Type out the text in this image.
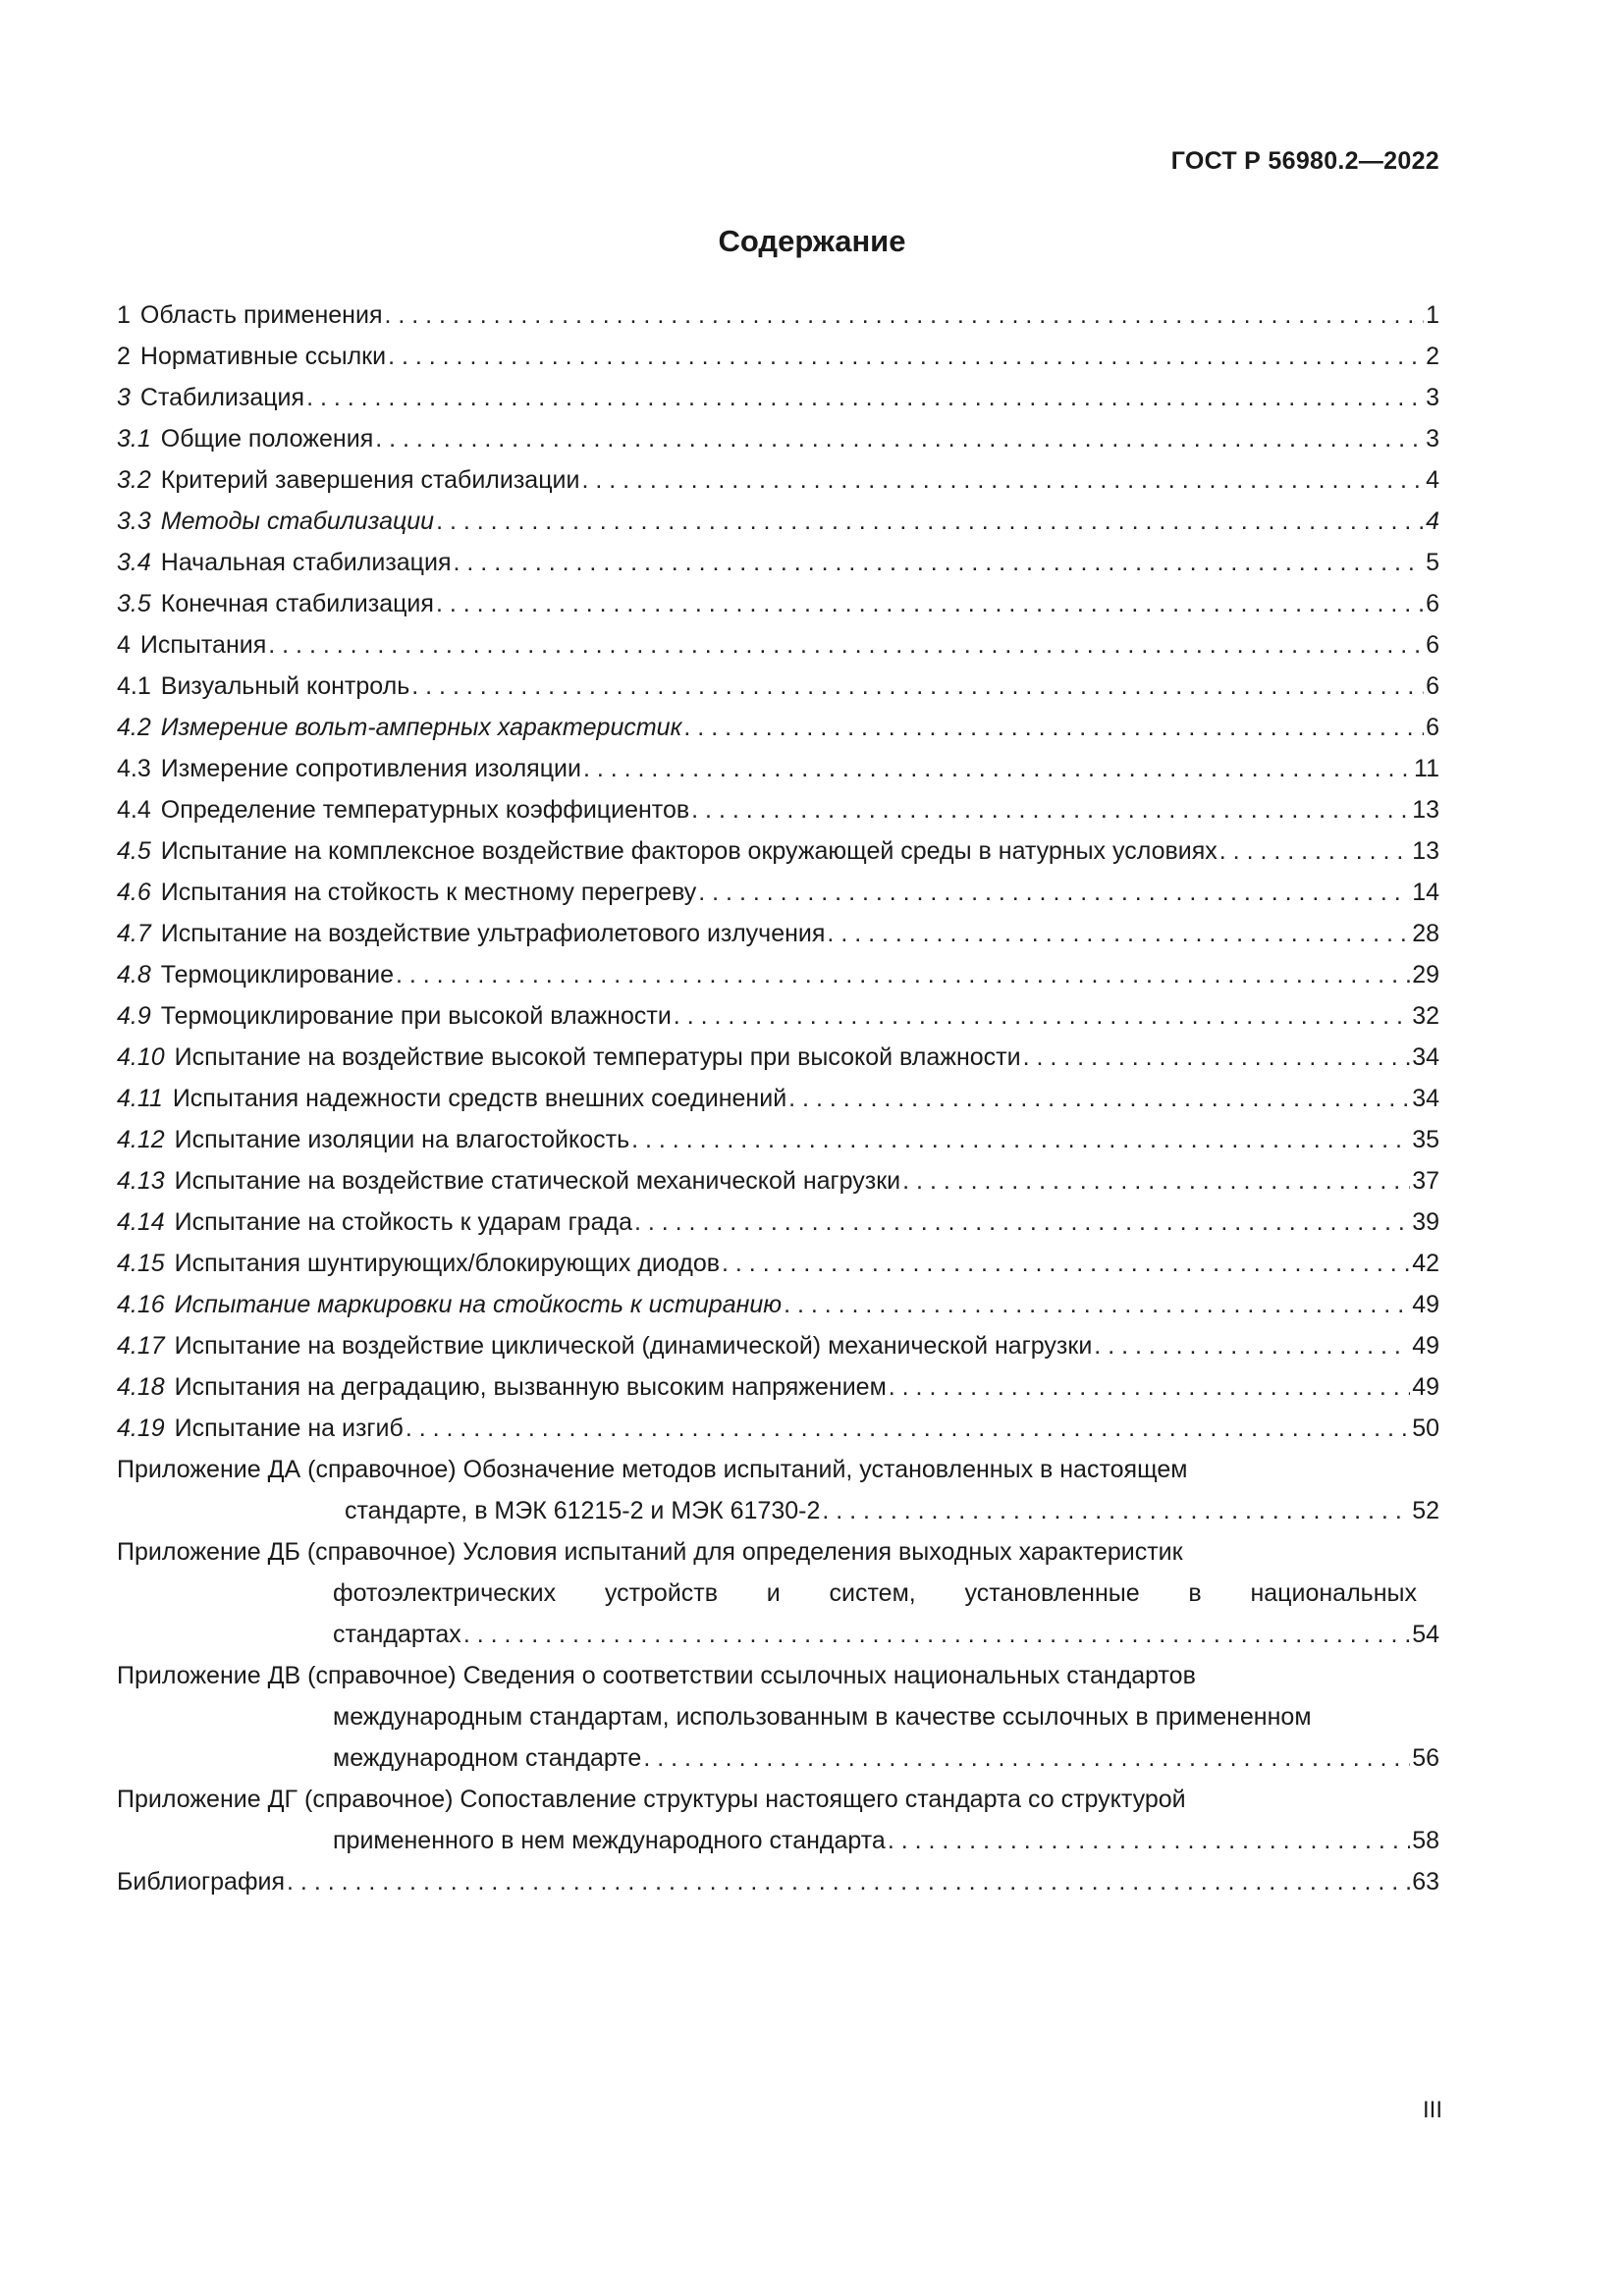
ГОСТ Р 56980.2—2022
Содержание
1 Область применения . . .	1
2 Нормативные ссылки . . .	2
3 Стабилизация . . .	3
3.1 Общие положения . . .	3
3.2 Критерий завершения стабилизации . . .	4
3.3 Методы стабилизации . . .	4
3.4 Начальная стабилизация . . .	5
3.5 Конечная стабилизация . . .	6
4 Испытания . . .	6
4.1 Визуальный контроль . . .	6
4.2 Измерение вольт-амперных характеристик . . .	6
4.3 Измерение сопротивления изоляции . . .	11
4.4 Определение температурных коэффициентов . . .	13
4.5 Испытание на комплексное воздействие факторов окружающей среды в натурных условиях . . .	13
4.6 Испытания на стойкость к местному перегреву . . .	14
4.7 Испытание на воздействие ультрафиолетового излучения . . .	28
4.8 Термоциклирование . . .	29
4.9 Термоциклирование при высокой влажности . . .	32
4.10 Испытание на воздействие высокой температуры при высокой влажности . . .	34
4.11 Испытания надежности средств внешних соединений . . .	34
4.12 Испытание изоляции на влагостойкость . . .	35
4.13 Испытание на воздействие статической механической нагрузки . . .	37
4.14 Испытание на стойкость к ударам града . . .	39
4.15 Испытания шунтирующих/блокирующих диодов . . .	42
4.16 Испытание маркировки на стойкость к истиранию . . .	49
4.17 Испытание на воздействие циклической (динамической) механической нагрузки . . .	49
4.18 Испытания на деградацию, вызванную высоким напряжением . . .	49
4.19 Испытание на изгиб . . .	50
Приложение ДА (справочное) Обозначение методов испытаний, установленных в настоящем
стандарте, в МЭК 61215-2 и МЭК 61730-2 . . .	52
Приложение ДБ (справочное) Условия испытаний для определения выходных характеристик
фотоэлектрических устройств и систем, установленные в национальных
стандартах . . .	54
Приложение ДВ (справочное) Сведения о соответствии ссылочных национальных стандартов
международным стандартам, использованным в качестве ссылочных в примененном
международном стандарте . . .	56
Приложение ДГ (справочное) Сопоставление структуры настоящего стандарта со структурой
примененного в нем международного стандарта . . .	58
Библиография . . .	63
III
